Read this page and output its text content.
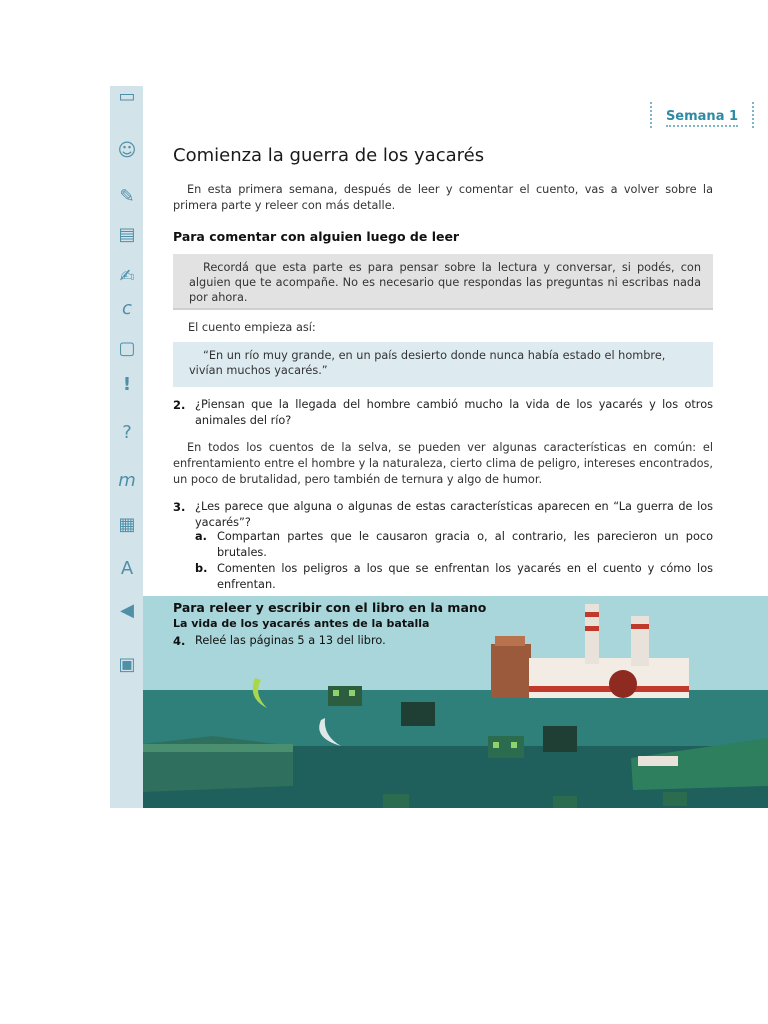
▭
☺
✎
▤
✍
c
▢
!
?
m
▦
A
◀
▣
Semana 1
Comienza la guerra de los yacarés

En esta primera semana, después de leer y comentar el cuento, vas a volver sobre la primera parte y releer con más detalle.

Para comentar con alguien luego de leer

Recordá que esta parte es para pensar sobre la lectura y conversar, si podés, con alguien que te acompañe. No es necesario que respondas las preguntas ni escribas nada por ahora.

El cuento empieza así:

“En un río muy grande, en un país desierto donde nunca había estado el hombre, vivían muchos yacarés.”

2. ¿Piensan que la llegada del hombre cambió mucho la vida de los yacarés y los otros animales del río?

En todos los cuentos de la selva, se pueden ver algunas características en común: el enfrentamiento entre el hombre y la naturaleza, cierto clima de peligro, intereses encontrados, un poco de brutalidad, pero también de ternura y algo de humor.

3. ¿Les parece que alguna o algunas de estas características aparecen en “La guerra de los yacarés”?

a. Compartan partes que le causaron gracia o, al contrario, les parecieron un poco brutales.

b. Comenten los peligros a los que se enfrentan los yacarés en el cuento y cómo los enfrentan.

Para releer y escribir con el libro en la mano
La vida de los yacarés antes de la batalla
4. Releé las páginas 5 a 13 del libro.
